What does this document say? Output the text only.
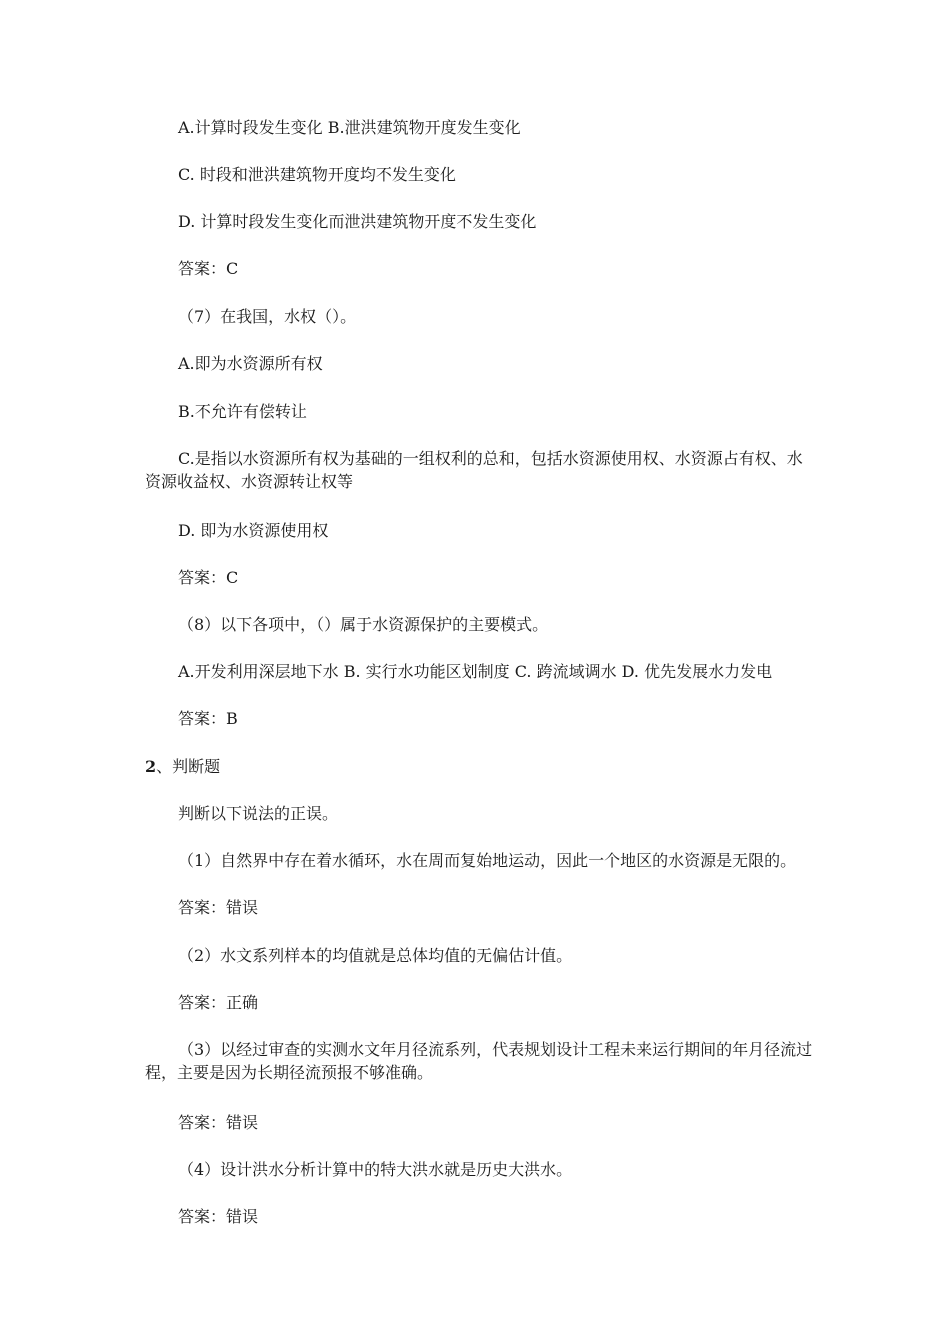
A.计算时段发生变化 B.泄洪建筑物开度发生变化
C. 时段和泄洪建筑物开度均不发生变化
D. 计算时段发生变化而泄洪建筑物开度不发生变化
答案：C
（7）在我国，水权（）。
A.即为水资源所有权
B.不允许有偿转让
C.是指以水资源所有权为基础的一组权利的总和，包括水资源使用权、水资源占有权、水资源收益权、水资源转让权等
D. 即为水资源使用权
答案：C
（8）以下各项中，（）属于水资源保护的主要模式。
A.开发利用深层地下水 B. 实行水功能区划制度 C. 跨流域调水 D. 优先发展水力发电
答案：B
2、判断题
判断以下说法的正误。
（1）自然界中存在着水循环，水在周而复始地运动，因此一个地区的水资源是无限的。
答案：错误
（2）水文系列样本的均值就是总体均值的无偏估计值。
答案：正确
（3）以经过审查的实测水文年月径流系列，代表规划设计工程未来运行期间的年月径流过程，主要是因为长期径流预报不够准确。
答案：错误
（4）设计洪水分析计算中的特大洪水就是历史大洪水。
答案：错误
